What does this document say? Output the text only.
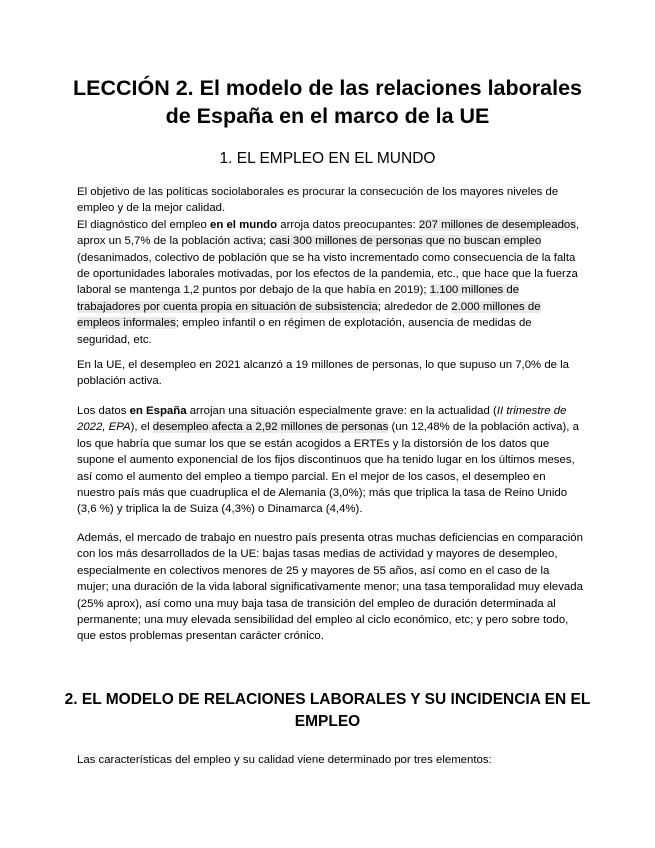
LECCIÓN 2. El modelo de las relaciones laborales de España en el marco de la UE
1. EL EMPLEO EN EL MUNDO

El objetivo de las políticas sociolaborales es procurar la consecución de los mayores niveles de empleo y de la mejor calidad.
El diagnóstico del empleo en el mundo arroja datos preocupantes: 207 millones de desempleados, aprox un 5,7% de la población activa; casi 300 millones de personas que no buscan empleo (desanimados, colectivo de población que se ha visto incrementado como consecuencia de la falta de oportunidades laborales motivadas, por los efectos de la pandemia, etc., que hace que la fuerza laboral se mantenga 1,2 puntos por debajo de la que había en 2019); 1.100 millones de trabajadores por cuenta propia en situación de subsistencia; alrededor de 2.000 millones de empleos informales; empleo infantil o en régimen de explotación, ausencia de medidas de seguridad, etc.

En la UE, el desempleo en 2021 alcanzó a 19 millones de personas, lo que supuso un 7,0% de la población activa.

Los datos en España arrojan una situación especialmente grave: en la actualidad (II trimestre de 2022, EPA), el desempleo afecta a 2,92 millones de personas (un 12,48% de la población activa), a los que habría que sumar los que se están acogidos a ERTEs y la distorsión de los datos que supone el aumento exponencial de los fijos discontinuos que ha tenido lugar en los últimos meses, así como el aumento del empleo a tiempo parcial. En el mejor de los casos, el desempleo en nuestro país más que cuadruplica el de Alemania (3,0%); más que triplica la tasa de Reino Unido (3,6 %) y triplica la de Suiza (4,3%) o Dinamarca (4,4%).

Además, el mercado de trabajo en nuestro país presenta otras muchas deficiencias en comparación con los más desarrollados de la UE: bajas tasas medias de actividad y mayores de desempleo, especialmente en colectivos menores de 25 y mayores de 55 años, así como en el caso de la mujer; una duración de la vida laboral significativamente menor; una tasa temporalidad muy elevada (25% aprox), así como una muy baja tasa de transición del empleo de duración determinada al permanente; una muy elevada sensibilidad del empleo al ciclo económico, etc; y pero sobre todo, que estos problemas presentan carácter crónico.

2. EL MODELO DE RELACIONES LABORALES Y SU INCIDENCIA EN EL EMPLEO

Las características del empleo y su calidad viene determinado por tres elementos:
